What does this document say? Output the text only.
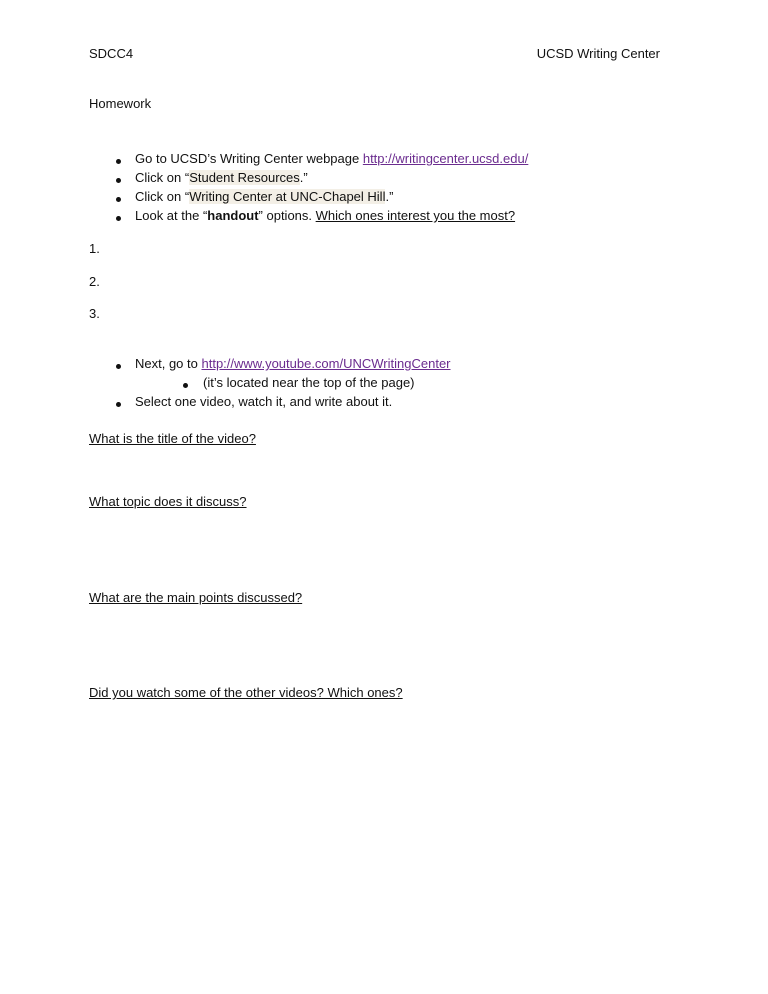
SDCC4	UCSD Writing Center
Homework
Go to UCSD’s Writing Center webpage http://writingcenter.ucsd.edu/
Click on “Student Resources.”
Click on “Writing Center at UNC-Chapel Hill.”
Look at the “handout” options. Which ones interest you the most?
1.
2.
3.
Next, go to http://www.youtube.com/UNCWritingCenter
(it’s located near the top of the page)
Select one video, watch it, and write about it.
What is the title of the video?
What topic does it discuss?
What are the main points discussed?
Did you watch some of the other videos? Which ones?
